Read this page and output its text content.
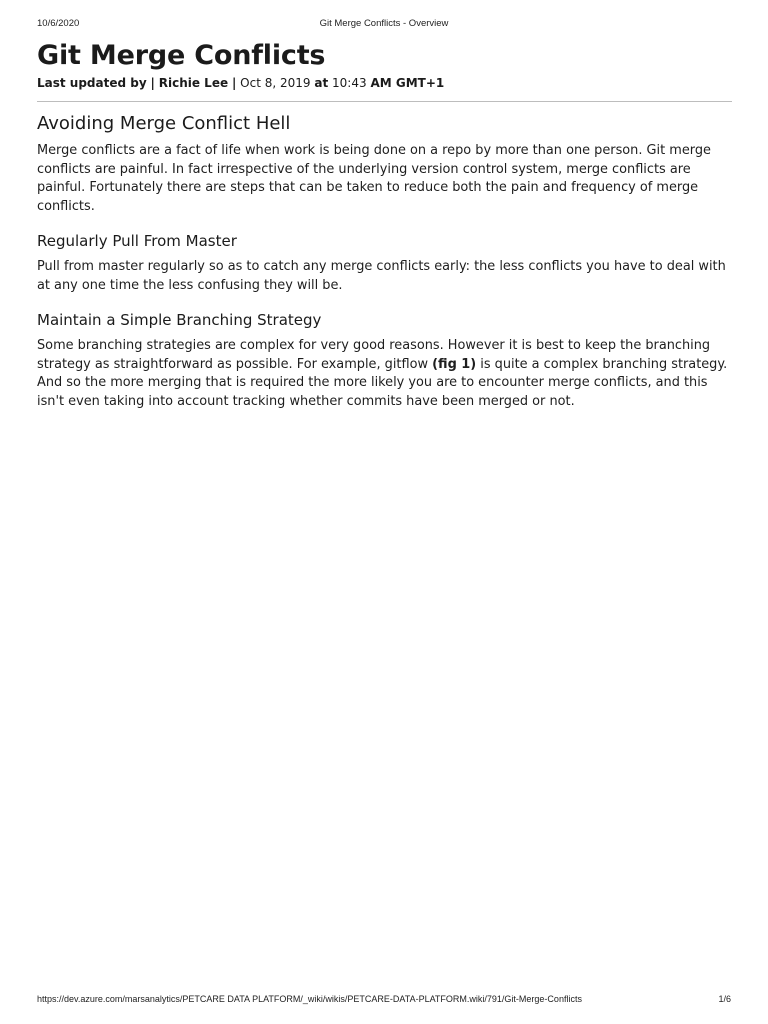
10/6/2020	Git Merge Conflicts - Overview
Git Merge Conflicts
Last updated by | Richie Lee | Oct 8, 2019 at 10:43 AM GMT+1
Avoiding Merge Conflict Hell

Merge conflicts are a fact of life when work is being done on a repo by more than one person. Git merge conflicts are painful. In fact irrespective of the underlying version control system, merge conflicts are painful. Fortunately there are steps that can be taken to reduce both the pain and frequency of merge conflicts.

Regularly Pull From Master

Pull from master regularly so as to catch any merge conflicts early: the less conflicts you have to deal with at any one time the less confusing they will be.

Maintain a Simple Branching Strategy

Some branching strategies are complex for very good reasons. However it is best to keep the branching strategy as straightforward as possible. For example, gitflow (fig 1) is quite a complex branching strategy. And so the more merging that is required the more likely you are to encounter merge conflicts, and this isn't even taking into account tracking whether commits have been merged or not.

https://dev.azure.com/marsanalytics/PETCARE DATA PLATFORM/_wiki/wikis/PETCARE-DATA-PLATFORM.wiki/791/Git-Merge-Conflicts	1/6
